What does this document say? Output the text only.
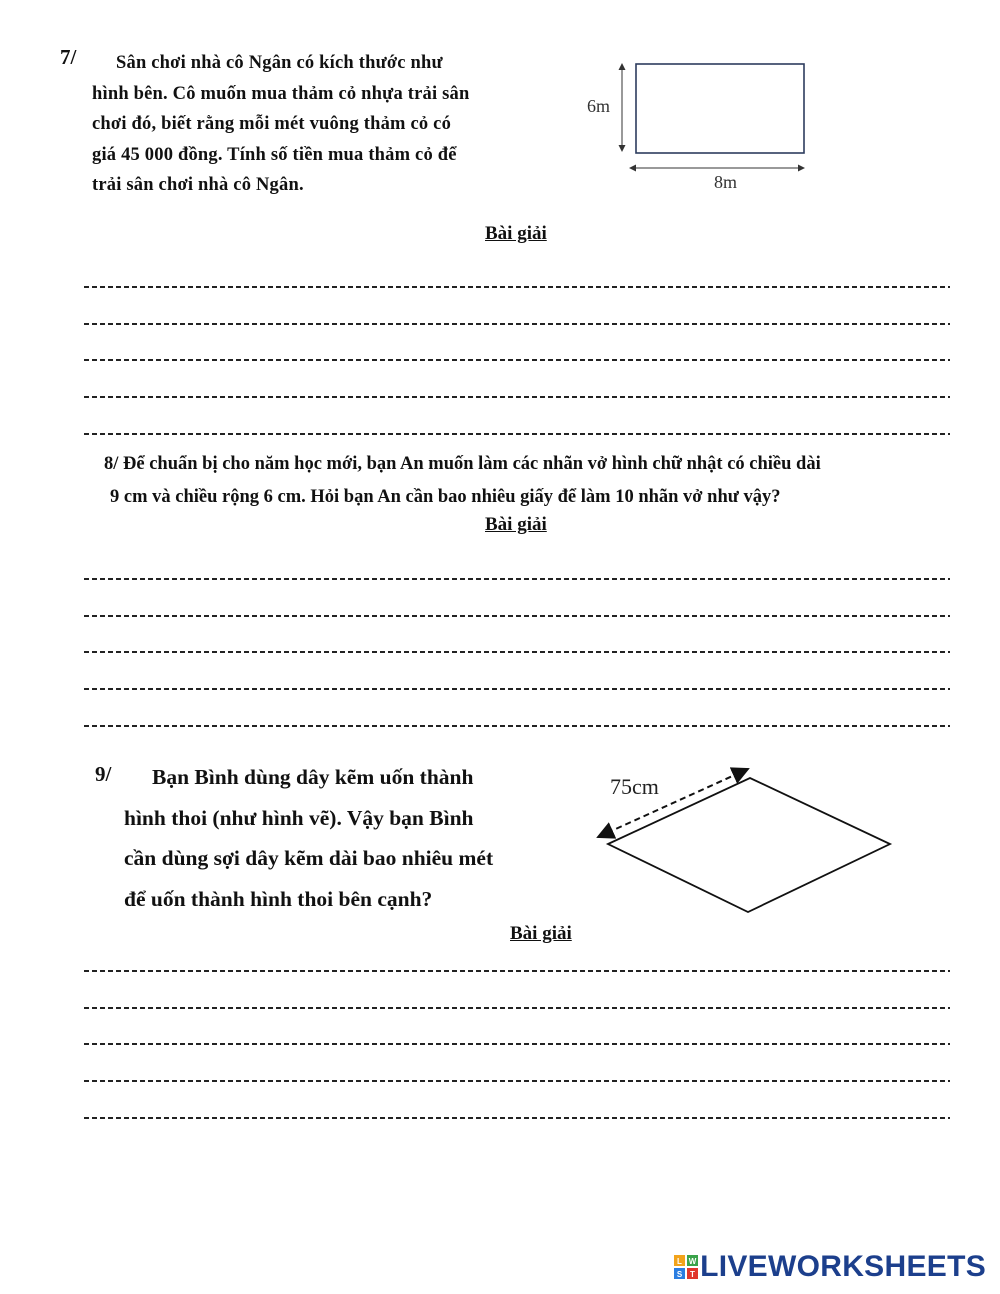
7/	Sân chơi nhà cô Ngân có kích thước như

hình bên. Cô muốn mua thảm cỏ nhựa trải sân

chơi đó, biết rằng mỗi mét vuông thảm cỏ có

giá 45 000 đồng. Tính số tiền mua thảm cỏ để

trải sân chơi nhà cô Ngân.

6m
8m
Bài giải
8/ Để chuẩn bị cho năm học mới, bạn An muốn làm các nhãn vở hình chữ nhật có chiều dài
9 cm và chiều rộng 6 cm. Hỏi bạn An cần bao nhiêu giấy để làm 10 nhãn vở như vậy?
Bài giải
9/	Bạn Bình dùng dây kẽm uốn thành

hình thoi (như hình vẽ). Vậy bạn Bình

cần dùng sợi dây kẽm dài bao nhiêu mét

để uốn thành hình thoi bên cạnh?

75cm
Bài giải
L W
S T LIVEWORKSHEETS
